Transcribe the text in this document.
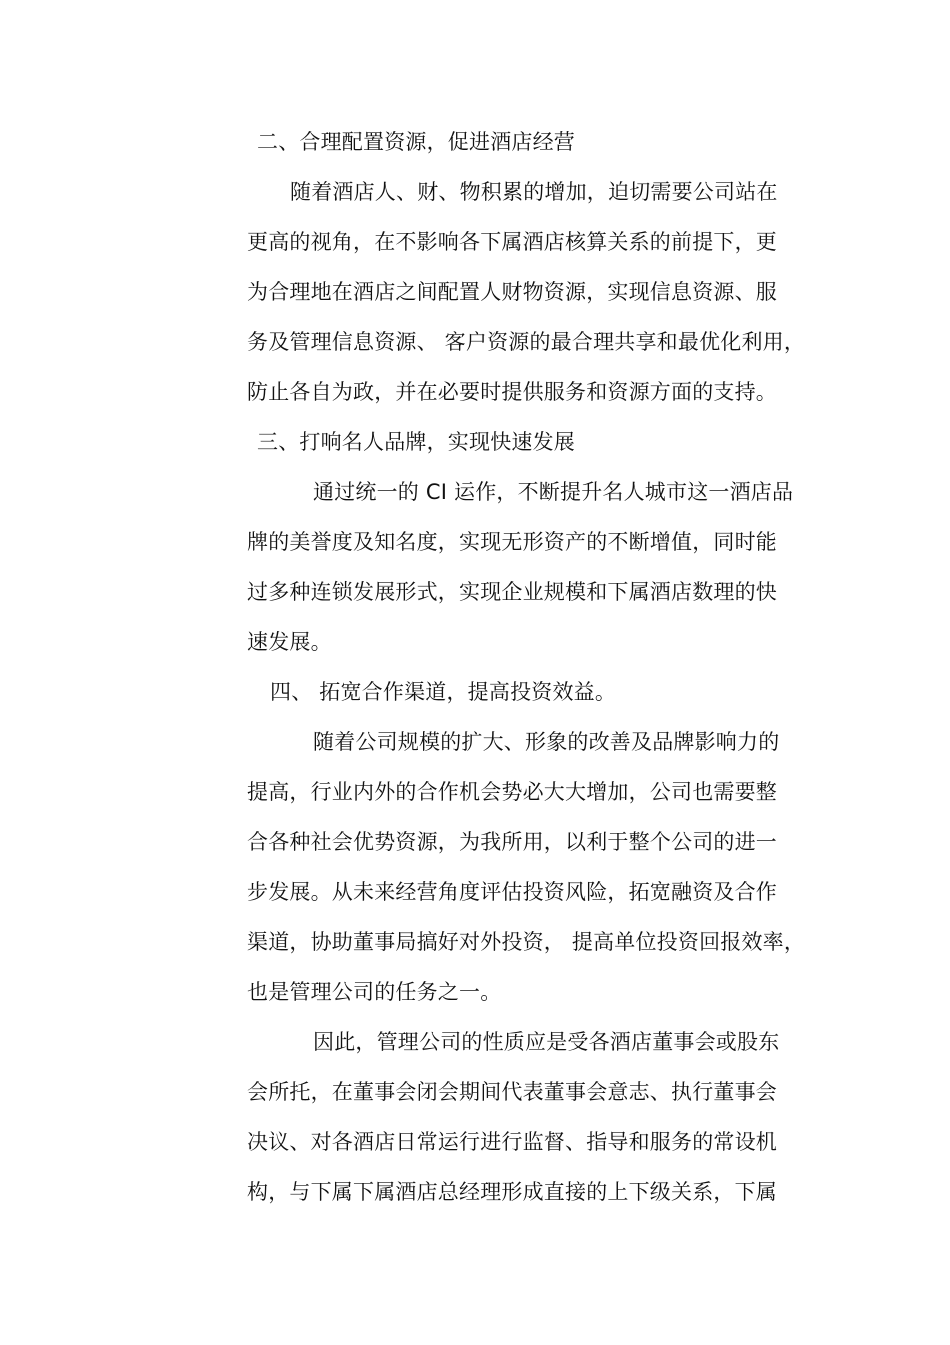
二、合理配置资源，促进酒店经营
随着酒店人、财、物积累的增加，迫切需要公司站在
更高的视角，在不影响各下属酒店核算关系的前提下，更
为合理地在酒店之间配置人财物资源，实现信息资源、服
务及管理信息资源、 客户资源的最合理共享和最优化利用，
防止各自为政，并在必要时提供服务和资源方面的支持。
三、打响名人品牌，实现快速发展
通过统一的 CI 运作，不断提升名人城市这一酒店品
牌的美誉度及知名度，实现无形资产的不断增值，同时能
过多种连锁发展形式，实现企业规模和下属酒店数理的快
速发展。
四、 拓宽合作渠道，提高投资效益。
随着公司规模的扩大、形象的改善及品牌影响力的
提高，行业内外的合作机会势必大大增加，公司也需要整
合各种社会优势资源，为我所用，以利于整个公司的进一
步发展。从未来经营角度评估投资风险，拓宽融资及合作
渠道，协助董事局搞好对外投资， 提高单位投资回报效率，
也是管理公司的任务之一。
因此，管理公司的性质应是受各酒店董事会或股东
会所托，在董事会闭会期间代表董事会意志、执行董事会
决议、对各酒店日常运行进行监督、指导和服务的常设机
构，与下属下属酒店总经理形成直接的上下级关系，下属
